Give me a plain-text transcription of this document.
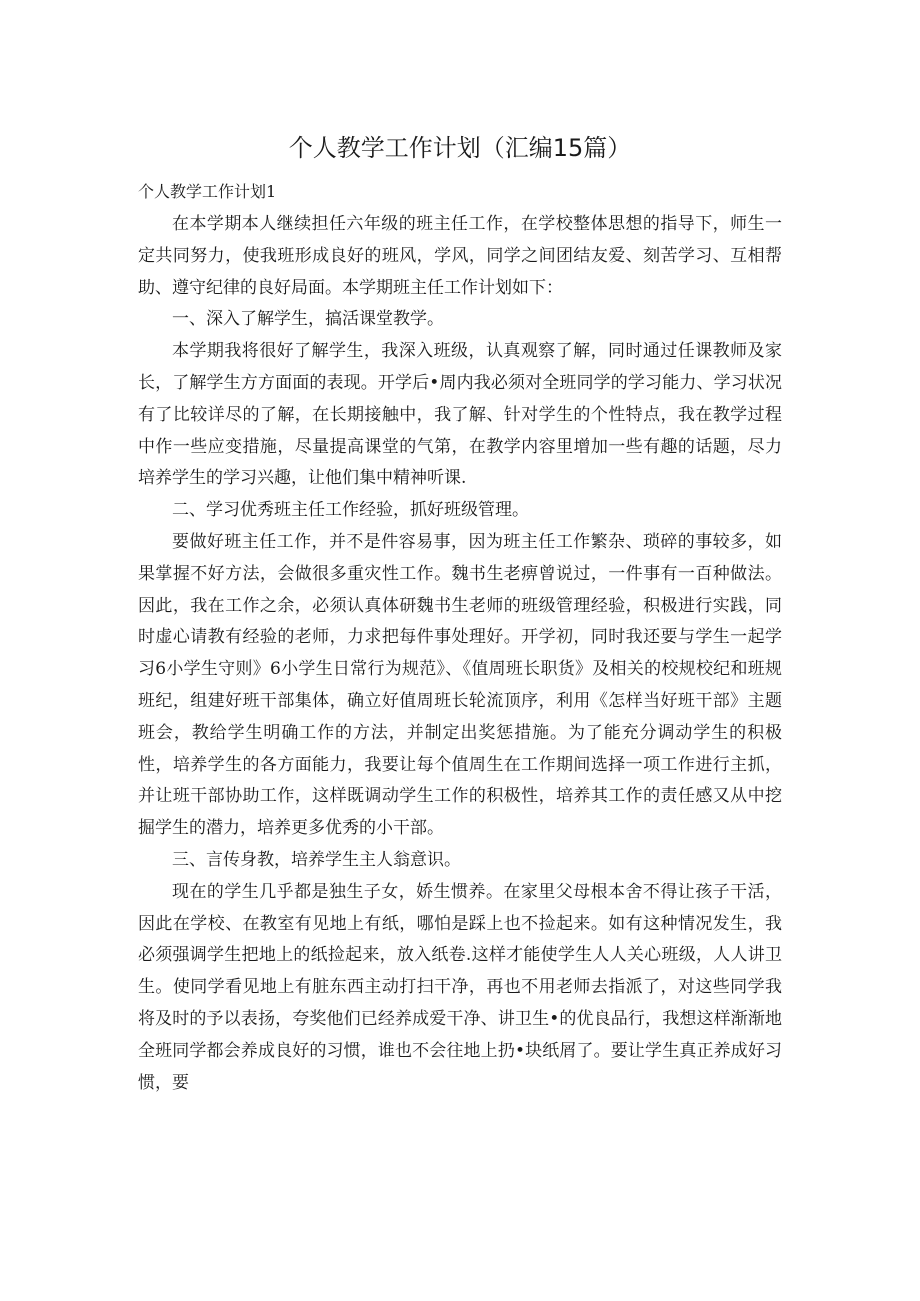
个人教学工作计划（汇编15篇）

个人教学工作计划1

在本学期本人继续担任六年级的班主任工作，在学校整体思想的指导下，师生一定共同努力，使我班形成良好的班风，学风，同学之间团结友爱、刻苦学习、互相帮助、遵守纪律的良好局面。本学期班主任工作计划如下：

一、深入了解学生，搞活课堂教学。

本学期我将很好了解学生，我深入班级，认真观察了解，同时通过任课教师及家长，了解学生方方面面的表现。开学后•周内我必须对全班同学的学习能力、学习状况有了比较详尽的了解，在长期接触中，我了解、针对学生的个性特点，我在教学过程中作一些应变措施，尽量提高课堂的气第，在教学内容里增加一些有趣的话题，尽力培养学生的学习兴趣，让他们集中精神听课.

二、学习优秀班主任工作经验，抓好班级管理。

要做好班主任工作，并不是件容易事，因为班主任工作繁杂、琐碎的事较多，如果掌握不好方法，会做很多重灾性工作。魏书生老痹曾说过，一件事有一百种做法。因此，我在工作之余，必须认真体研魏书生老师的班级管理经验，积极进行实践，同时虚心请教有经验的老师，力求把每件事处理好。开学初，同时我还要与学生一起学习6小学生守则》6小学生日常行为规范》、《值周班长职货》及相关的校规校纪和班规班纪，组建好班干部集体，确立好值周班长轮流顶序，利用《怎样当好班干部》主题班会，教给学生明确工作的方法，并制定出奖惩措施。为了能充分调动学生的积极性，培养学生的各方面能力，我要让每个值周生在工作期间选择一项工作进行主抓，并让班干部协助工作，这样既调动学生工作的积极性，培养其工作的责任感又从中挖掘学生的潜力，培养更多优秀的小干部。

三、言传身教，培养学生主人翁意识。

现在的学生几乎都是独生子女，娇生惯养。在家里父母根本舍不得让孩子干活，因此在学校、在教室有见地上有纸，哪怕是踩上也不捡起来。如有这种情况发生，我必须强调学生把地上的纸捡起来，放入纸卷.这样才能使学生人人关心班级，人人讲卫生。使同学看见地上有脏东西主动打扫干净，再也不用老师去指派了，对这些同学我将及时的予以表扬，夸奖他们已经养成爱干净、讲卫生•的优良品行，我想这样渐渐地全班同学都会养成良好的习惯，谁也不会往地上扔•块纸屑了。要让学生真正养成好习惯，要
